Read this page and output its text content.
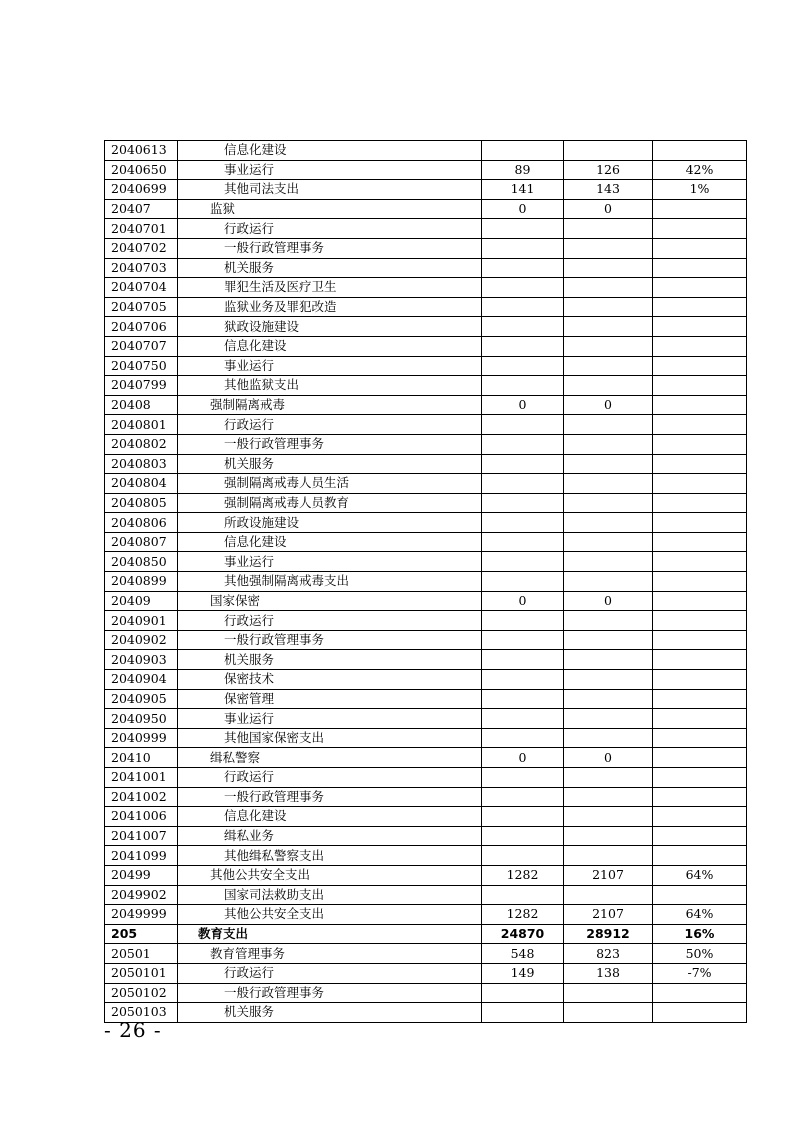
2040613	信息化建设			
2040650	事业运行	89	126	42%
2040699	其他司法支出	141	143	1%
20407	监狱	0	0	
2040701	行政运行			
2040702	一般行政管理事务			
2040703	机关服务			
2040704	罪犯生活及医疗卫生			
2040705	监狱业务及罪犯改造			
2040706	狱政设施建设			
2040707	信息化建设			
2040750	事业运行			
2040799	其他监狱支出			
20408	强制隔离戒毒	0	0	
2040801	行政运行			
2040802	一般行政管理事务			
2040803	机关服务			
2040804	强制隔离戒毒人员生活			
2040805	强制隔离戒毒人员教育			
2040806	所政设施建设			
2040807	信息化建设			
2040850	事业运行			
2040899	其他强制隔离戒毒支出			
20409	国家保密	0	0	
2040901	行政运行			
2040902	一般行政管理事务			
2040903	机关服务			
2040904	保密技术			
2040905	保密管理			
2040950	事业运行			
2040999	其他国家保密支出			
20410	缉私警察	0	0	
2041001	行政运行			
2041002	一般行政管理事务			
2041006	信息化建设			
2041007	缉私业务			
2041099	其他缉私警察支出			
20499	其他公共安全支出	1282	2107	64%
2049902	国家司法救助支出			
2049999	其他公共安全支出	1282	2107	64%
205	教育支出	24870	28912	16%
20501	教育管理事务	548	823	50%
2050101	行政运行	149	138	-7%
2050102	一般行政管理事务			
2050103	机关服务			
- 26 -
